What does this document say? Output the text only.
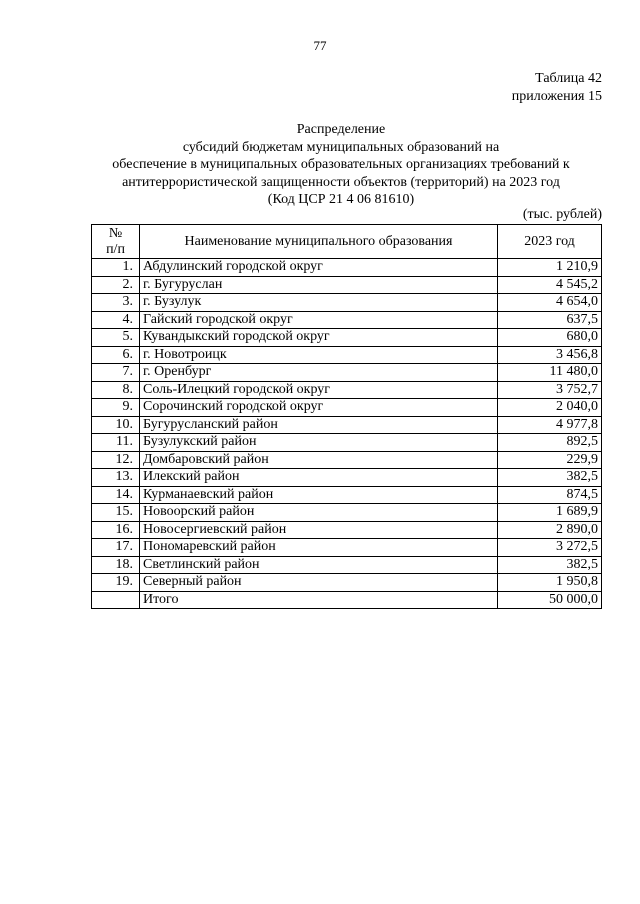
77
Таблица 42
приложения 15
Распределение
субсидий бюджетам муниципальных образований на
обеспечение в муниципальных образовательных организациях требований к
антитеррористической защищенности объектов (территорий) на 2023 год
(Код ЦСР 21 4 06 81610)
(тыс. рублей)
№
п/п	Наименование муниципального образования	2023 год
1.	Абдулинский городской округ	1 210,9
2.	г. Бугуруслан	4 545,2
3.	г. Бузулук	4 654,0
4.	Гайский городской округ	637,5
5.	Кувандыкский городской округ	680,0
6.	г. Новотроицк	3 456,8
7.	г. Оренбург	11 480,0
8.	Соль-Илецкий городской округ	3 752,7
9.	Сорочинский городской округ	2 040,0
10.	Бугурусланский район	4 977,8
11.	Бузулукский район	892,5
12.	Домбаровский район	229,9
13.	Илекский район	382,5
14.	Курманаевский район	874,5
15.	Новоорский район	1 689,9
16.	Новосергиевский район	2 890,0
17.	Пономаревский район	3 272,5
18.	Светлинский район	382,5
19.	Северный район	1 950,8
	Итого	50 000,0
